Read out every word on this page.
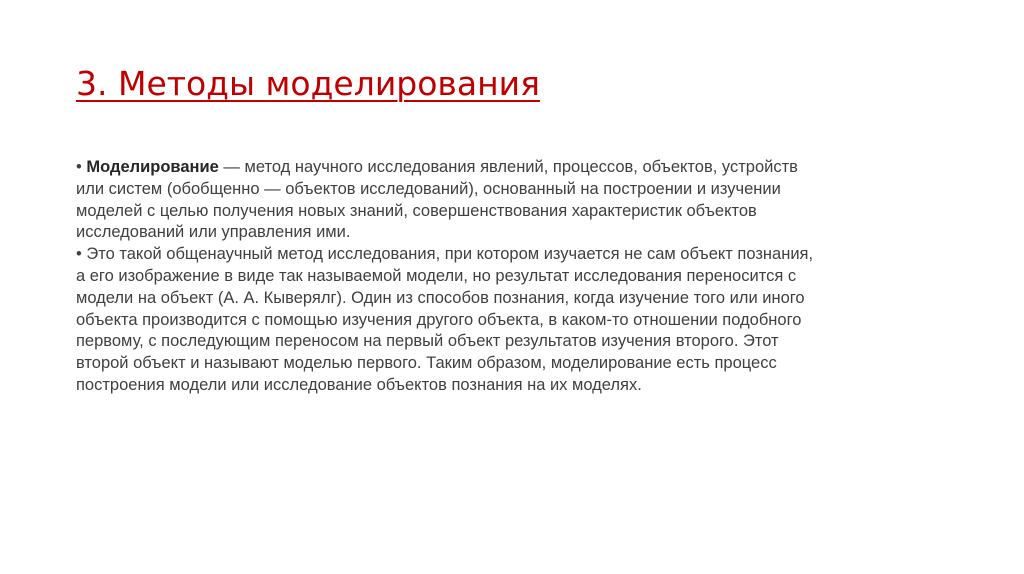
3. Методы моделирования
• Моделирование — метод научного исследования явлений, процессов, объектов, устройств
или систем (обобщенно — объектов исследований), основанный на построении и изучении
моделей с целью получения новых знаний, совершенствования характеристик объектов
исследований или управления ими.
• Это такой общенаучный метод исследования, при котором изучается не сам объект познания,
а его изображение в виде так называемой модели, но результат исследования переносится с
модели на объект (А. А. Кыверялг). Один из способов познания, когда изучение того или иного
объекта производится с помощью изучения другого объекта, в каком-то отношении подобного
первому, с последующим переносом на первый объект результатов изучения второго. Этот
второй объект и называют моделью первого. Таким образом, моделирование есть процесс
построения модели или исследование объектов познания на их моделях.
